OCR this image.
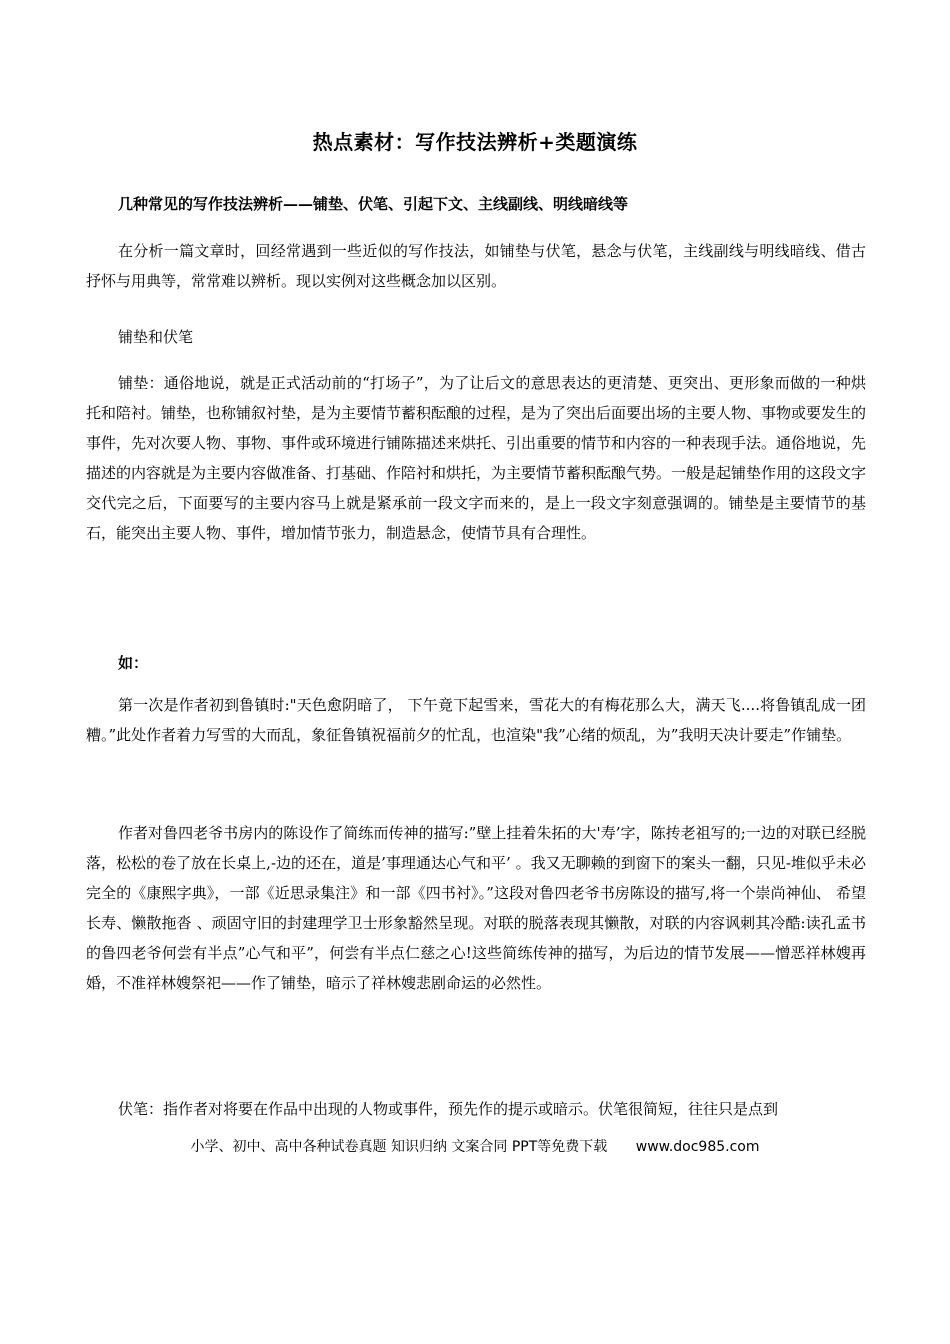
热点素材：写作技法辨析+类题演练
几种常见的写作技法辨析——铺垫、伏笔、引起下文、主线副线、明线暗线等

在分析一篇文章时，回经常遇到一些近似的写作技法，如铺垫与伏笔，悬念与伏笔，主线副线与明线暗线、借古抒怀与用典等，常常难以辨析。现以实例对这些概念加以区别。

铺垫和伏笔

铺垫：通俗地说，就是正式活动前的“打场子”，为了让后文的意思表达的更清楚、更突出、更形象而做的一种烘托和陪衬。铺垫，也称铺叙衬垫，是为主要情节蓄积酝酿的过程，是为了突出后面要出场的主要人物、事物或要发生的事件，先对次要人物、事物、事件或环境进行铺陈描述来烘托、引出重要的情节和内容的一种表现手法。通俗地说，先描述的内容就是为主要内容做准备、打基础、作陪衬和烘托，为主要情节蓄积酝酿气势。一般是起铺垫作用的这段文字交代完之后，下面要写的主要内容马上就是紧承前一段文字而来的，是上一段文字刻意强调的。铺垫是主要情节的基石，能突出主要人物、事件，增加情节张力，制造悬念，使情节具有合理性。

如：

第一次是作者初到鲁镇时:"天色愈阴暗了， 下午竟下起雪来，雪花大的有梅花那么大，满天飞....将鲁镇乱成一团糟。”此处作者着力写雪的大而乱，象征鲁镇祝福前夕的忙乱，也渲染"我”心绪的烦乱，为”我明天决计要走”作铺垫。

作者对鲁四老爷书房内的陈设作了简练而传神的描写:”壁上挂着朱拓的大'寿’字，陈抟老祖写的;一边的对联已经脱落，松松的卷了放在长桌上,-边的还在，道是’事理通达心气和平’ 。我又无聊赖的到窗下的案头一翻，只见-堆似乎未必完全的《康熙字典》，一部《近思录集注》和一部《四书衬》。”这段对鲁四老爷书房陈设的描写,将一个崇尚神仙、 希望长寿、懒散拖沓 、顽固守旧的封建理学卫士形象豁然呈现。对联的脱落表现其懒散，对联的内容讽刺其冷酷:读孔孟书的鲁四老爷何尝有半点”心气和平”，何尝有半点仁慈之心!这些简练传神的描写，为后边的情节发展——憎恶祥林嫂再婚，不准祥林嫂祭祀——作了铺垫，暗示了祥林嫂悲剧命运的必然性。

伏笔：指作者对将要在作品中出现的人物或事件，预先作的提示或暗示。伏笔很简短，往往只是点到

小学、初中、高中各种试卷真题 知识归纳 文案合同 PPT等免费下载 www.doc985.com
